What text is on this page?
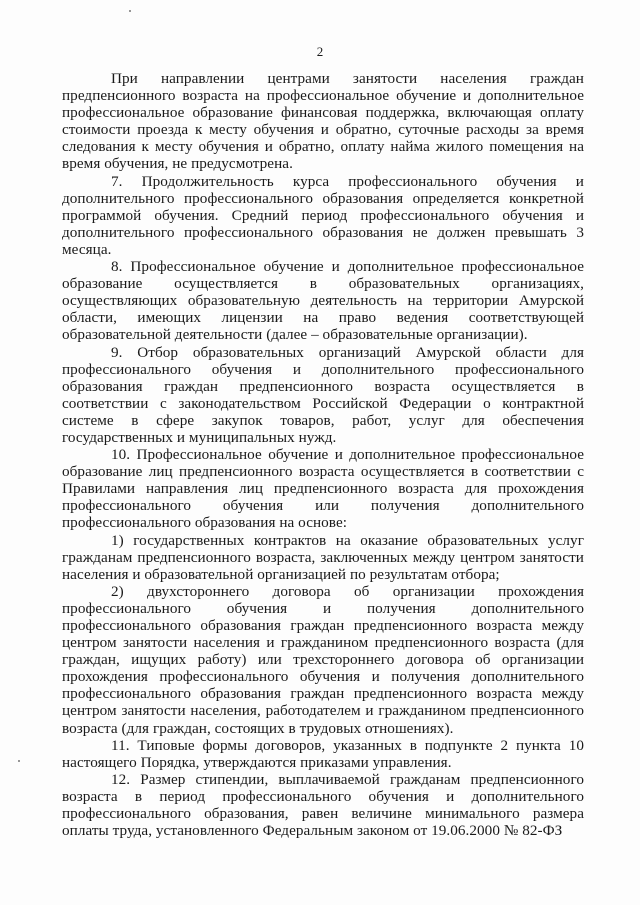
2

При направлении центрами занятости населения граждан предпенсионного возраста на профессиональное обучение и дополнительное профессиональное образование финансовая поддержка, включающая оплату стоимости проезда к месту обучения и обратно, суточные расходы за время следования к месту обучения и обратно, оплату найма жилого помещения на время обучения, не предусмотрена.

7. Продолжительность курса профессионального обучения и дополнительного профессионального образования определяется конкретной программой обучения. Средний период профессионального обучения и дополнительного профессионального образования не должен превышать 3 месяца.

8. Профессиональное обучение и дополнительное профессиональное образование осуществляется в образовательных организациях, осуществляющих образовательную деятельность на территории Амурской области, имеющих лицензии на право ведения соответствующей образовательной деятельности (далее – образовательные организации).

9. Отбор образовательных организаций Амурской области для профессионального обучения и дополнительного профессионального образования граждан предпенсионного возраста осуществляется в соответствии с законодательством Российской Федерации о контрактной системе в сфере закупок товаров, работ, услуг для обеспечения государственных и муниципальных нужд.

10. Профессиональное обучение и дополнительное профессиональное образование лиц предпенсионного возраста осуществляется в соответствии с Правилами направления лиц предпенсионного возраста для прохождения профессионального обучения или получения дополнительного профессионального образования на основе:

1) государственных контрактов на оказание образовательных услуг гражданам предпенсионного возраста, заключенных между центром занятости населения и образовательной организацией по результатам отбора;

2) двухстороннего договора об организации прохождения профессионального обучения и получения дополнительного профессионального образования граждан предпенсионного возраста между центром занятости населения и гражданином предпенсионного возраста (для граждан, ищущих работу) или трехстороннего договора об организации прохождения профессионального обучения и получения дополнительного профессионального образования граждан предпенсионного возраста между центром занятости населения, работодателем и гражданином предпенсионного возраста (для граждан, состоящих в трудовых отношениях).

11. Типовые формы договоров, указанных в подпункте 2 пункта 10 настоящего Порядка, утверждаются приказами управления.

12. Размер стипендии, выплачиваемой гражданам предпенсионного возраста в период профессионального обучения и дополнительного профессионального образования, равен величине минимального размера оплаты труда, установленного Федеральным законом от 19.06.2000 № 82-ФЗ
